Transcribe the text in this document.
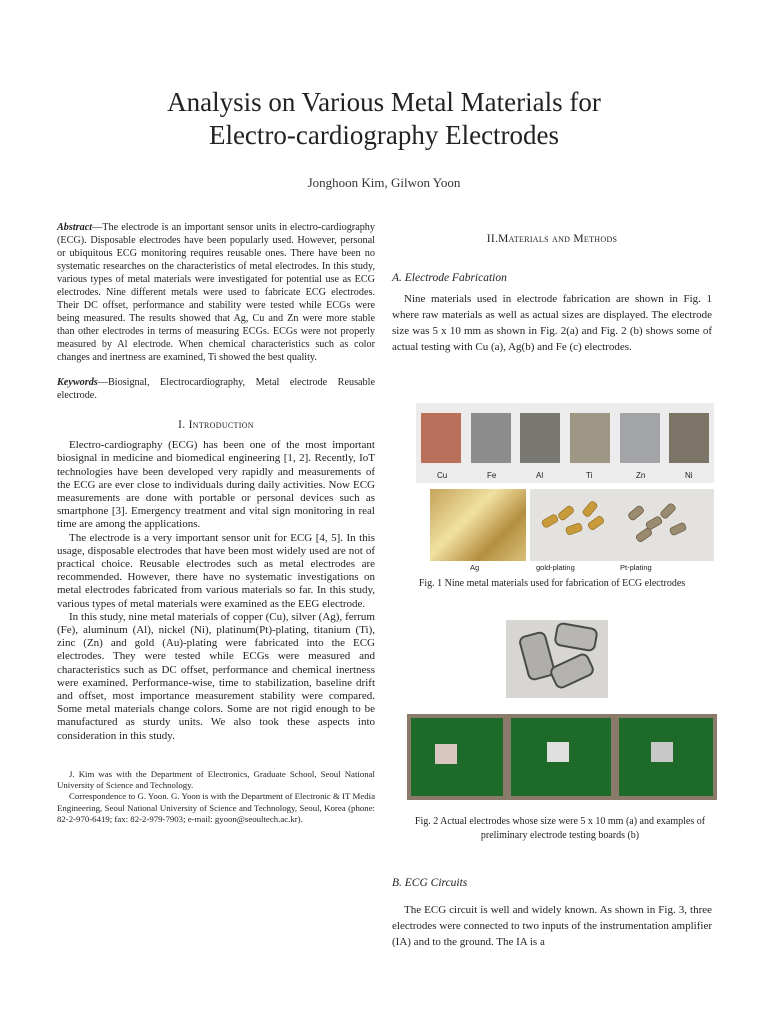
Analysis on Various Metal Materials for
Electro-cardiography Electrodes
Jonghoon Kim, Gilwon Yoon

Abstract—The electrode is an important sensor units in electro-cardiography (ECG). Disposable electrodes have been popularly used. However, personal or ubiquitous ECG monitoring requires reusable ones. There have been no systematic researches on the characteristics of metal electrodes. In this study, various types of metal materials were investigated for potential use as ECG electrodes. Nine different metals were used to fabricate ECG electrodes. Their DC offset, performance and stability were tested while ECGs were being measured. The results showed that Ag, Cu and Zn were more stable than other electrodes in terms of measuring ECGs. ECGs were not properly measured by Al electrode. When chemical characteristics such as color changes and inertness are examined, Ti showed the best quality.

Keywords—Biosignal, Electrocardiography, Metal electrode Reusable electrode.

I. Introduction

Electro-cardiography (ECG) has been one of the most important biosignal in medicine and biomedical engineering [1, 2]. Recently, IoT technologies have been developed very rapidly and measurements of the ECG are ever close to individuals during daily activities. Now ECG measurements are done with portable or personal devices such as smartphone [3]. Emergency treatment and vital sign monitoring in real time are among the applications.

The electrode is a very important sensor unit for ECG [4, 5]. In this usage, disposable electrodes that have been most widely used are not of practical choice. Reusable electrodes such as metal electrodes are recommended. However, there have no systematic investigations on metal electrodes fabricated from various materials so far. In this study, various types of metal materials were examined as the EEG electrode.

In this study, nine metal materials of copper (Cu), silver (Ag), ferrum (Fe), aluminum (Al), nickel (Ni), platinum(Pt)-plating, titanium (Ti), zinc (Zn) and gold (Au)-plating were fabricated into the ECG electrodes. They were tested while ECGs were measured and characteristics such as DC offset, performance and chemical inertness were examined. Performance-wise, time to stabilization, baseline drift and offset, most importance measurement stability were compared. Some metal materials change colors. Some are not rigid enough to be manufactured as sturdy units. We also took these aspects into consideration in this study.

J. Kim was with the Department of Electronics, Graduate School, Seoul National University of Science and Technology.

Correspondence to G. Yoon. G. Yoon is with the Department of Electronic & IT Media Engineering, Seoul National University of Science and Technology, Seoul, Korea (phone: 82-2-970-6419; fax: 82-2-979-7903; e-mail: gyoon@seoultech.ac.kr).

II.Materials and Methods
A. Electrode Fabrication

Nine materials used in electrode fabrication are shown in Fig. 1 where raw materials as well as actual sizes are displayed. The electrode size was 5 x 10 mm as shown in Fig. 2(a) and Fig. 2 (b) shows some of actual testing with Cu (a), Ag(b) and Fe (c) electrodes.

Cu	Fe	Al	Ti	Zn	Ni
Ag	gold-plating	Pt-plating
Fig. 1 Nine metal materials used for fabrication of ECG electrodes
Fig. 2 Actual electrodes whose size were 5 x 10 mm (a) and examples of preliminary electrode testing boards (b)
B. ECG Circuits

The ECG circuit is well and widely known. As shown in Fig. 3, three electrodes were connected to two inputs of the instrumentation amplifier (IA) and to the ground. The IA is a
